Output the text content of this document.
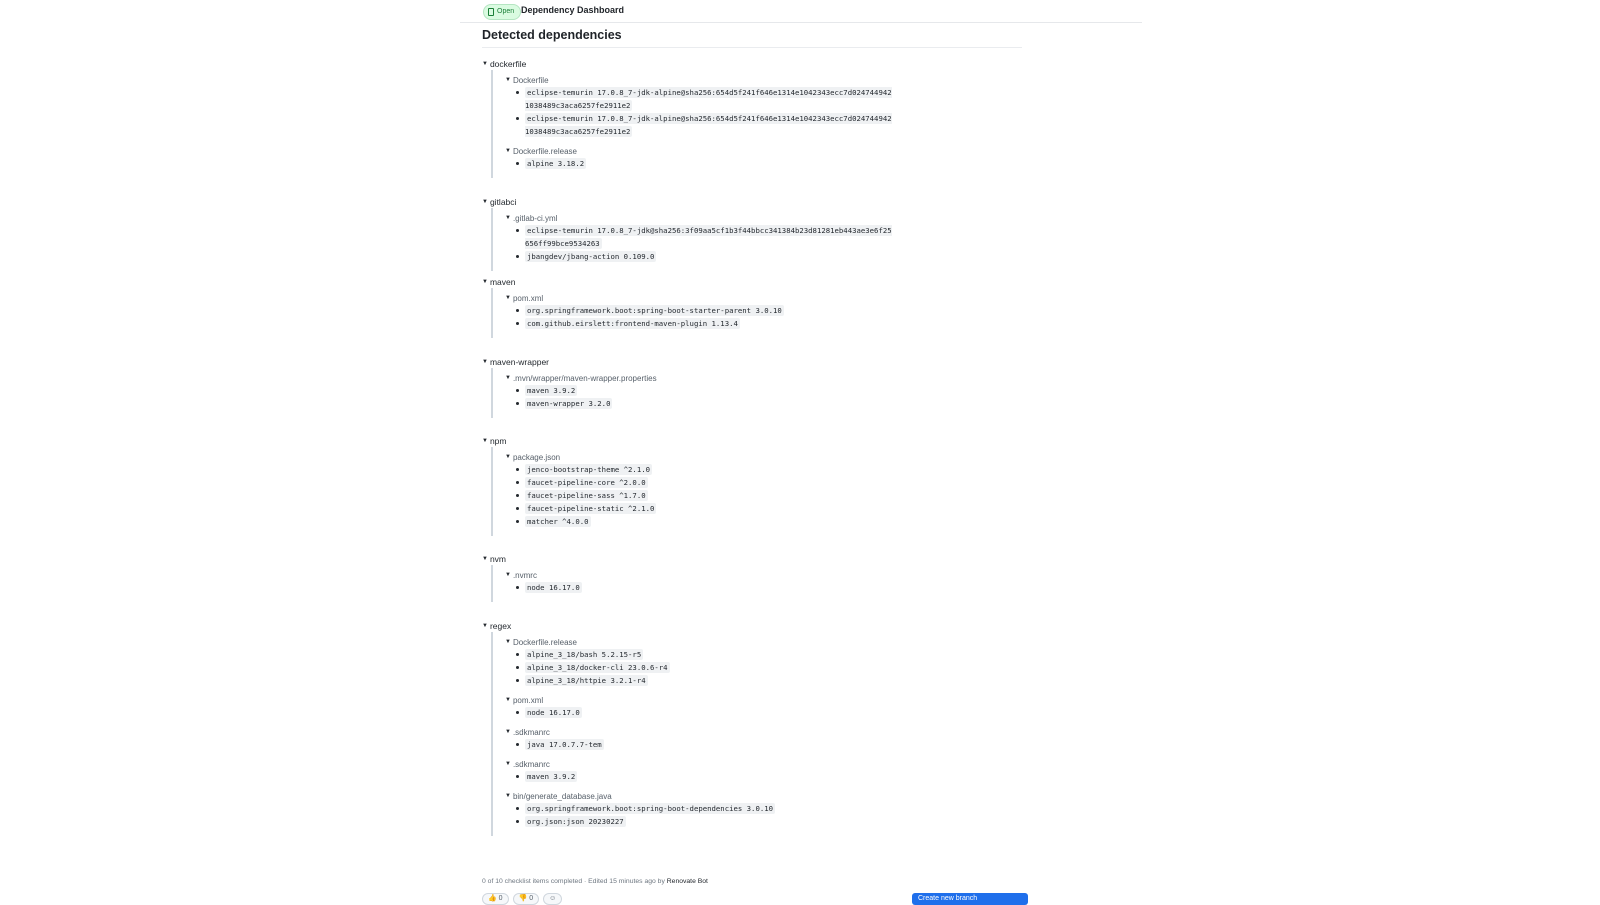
Open Dependency Dashboard
Detected dependencies
▼ dockerfile
▼ Dockerfile
eclipse-temurin 17.0.8_7-jdk-alpine@sha256:654d5f241f646e1314e1042343ecc7d0247449421038489c3aca6257fe2911e2
eclipse-temurin 17.0.8_7-jdk-alpine@sha256:654d5f241f646e1314e1042343ecc7d0247449421038489c3aca6257fe2911e2
▼ Dockerfile.release
alpine 3.18.2
▼ gitlabci
▼ .gitlab-ci.yml
eclipse-temurin 17.0.8_7-jdk@sha256:3f09aa5cf1b3f44bbcc341384b23d81281eb443ae3e6f25656ff99bce9534263
jbangdev/jbang-action 0.109.0
▼ maven
▼ pom.xml
org.springframework.boot:spring-boot-starter-parent 3.0.10
com.github.eirslett:frontend-maven-plugin 1.13.4
▼ maven-wrapper
▼ .mvn/wrapper/maven-wrapper.properties
maven 3.9.2
maven-wrapper 3.2.0
▼ npm
▼ package.json
jenco-bootstrap-theme ^2.1.0
faucet-pipeline-core ^2.0.0
faucet-pipeline-sass ^1.7.0
faucet-pipeline-static ^2.1.0
matcher ^4.0.0
▼ nvm
▼ .nvmrc
node 16.17.0
▼ regex
▼ Dockerfile.release
alpine_3_18/bash 5.2.15-r5
alpine_3_18/docker-cli 23.0.6-r4
alpine_3_18/httpie 3.2.1-r4
▼ pom.xml
node 16.17.0
▼ .sdkmanrc
java 17.0.7.7-tem
▼ .sdkmanrc
maven 3.9.2
▼ bin/generate_database.java
org.springframework.boot:spring-boot-dependencies 3.0.10
org.json:json 20230227
0 of 10 checklist items completed · Edited 15 minutes ago by Renovate Bot
👍 0	👎 0	☺	Create new branch
